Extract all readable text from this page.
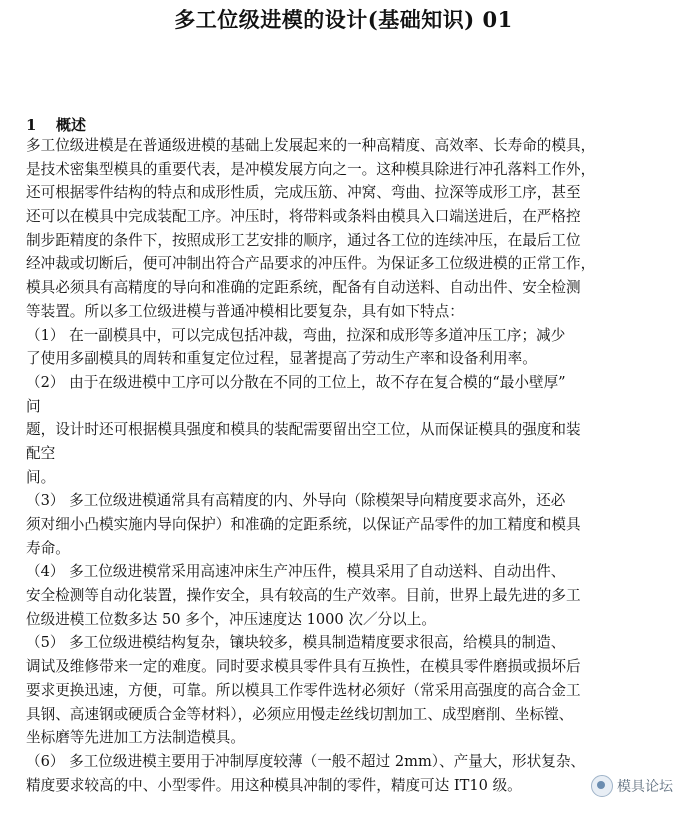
多工位级进模的设计(基础知识) 01
1 概述
多工位级进模是在普通级进模的基础上发展起来的一种高精度、高效率、长寿命的模具，
是技术密集型模具的重要代表，是冲模发展方向之一。这种模具除进行冲孔落料工作外，
还可根据零件结构的特点和成形性质，完成压筋、冲窝、弯曲、拉深等成形工序，甚至
还可以在模具中完成装配工序。冲压时，将带料或条料由模具入口端送进后，在严格控
制步距精度的条件下，按照成形工艺安排的顺序，通过各工位的连续冲压，在最后工位
经冲裁或切断后，便可冲制出符合产品要求的冲压件。为保证多工位级进模的正常工作，
模具必须具有高精度的导向和准确的定距系统，配备有自动送料、自动出件、安全检测
等装置。所以多工位级进模与普通冲模相比要复杂，具有如下特点：
（1） 在一副模具中，可以完成包括冲裁，弯曲，拉深和成形等多道冲压工序；减少
了使用多副模具的周转和重复定位过程，显著提高了劳动生产率和设备利用率。
（2） 由于在级进模中工序可以分散在不同的工位上，故不存在复合模的“最小壁厚”
问
题，设计时还可根据模具强度和模具的装配需要留出空工位，从而保证模具的强度和装
配空
间。
（3） 多工位级进模通常具有高精度的内、外导向（除模架导向精度要求高外，还必
须对细小凸模实施内导向保护）和准确的定距系统，以保证产品零件的加工精度和模具
寿命。
（4） 多工位级进模常采用高速冲床生产冲压件，模具采用了自动送料、自动出件、
安全检测等自动化装置，操作安全，具有较高的生产效率。目前，世界上最先进的多工
位级进模工位数多达 50 多个，冲压速度达 1000 次／分以上。
（5） 多工位级进模结构复杂，镶块较多，模具制造精度要求很高，给模具的制造、
调试及维修带来一定的难度。同时要求模具零件具有互换性，在模具零件磨损或损坏后
要求更换迅速，方便，可靠。所以模具工作零件选材必须好（常采用高强度的高合金工
具钢、高速钢或硬质合金等材料），必须应用慢走丝线切割加工、成型磨削、坐标镗、
坐标磨等先进加工方法制造模具。
（6） 多工位级进模主要用于冲制厚度较薄（一般不超过 2mm）、产量大，形状复杂、
精度要求较高的中、小型零件。用这种模具冲制的零件，精度可达 IT10 级。	模具论坛
